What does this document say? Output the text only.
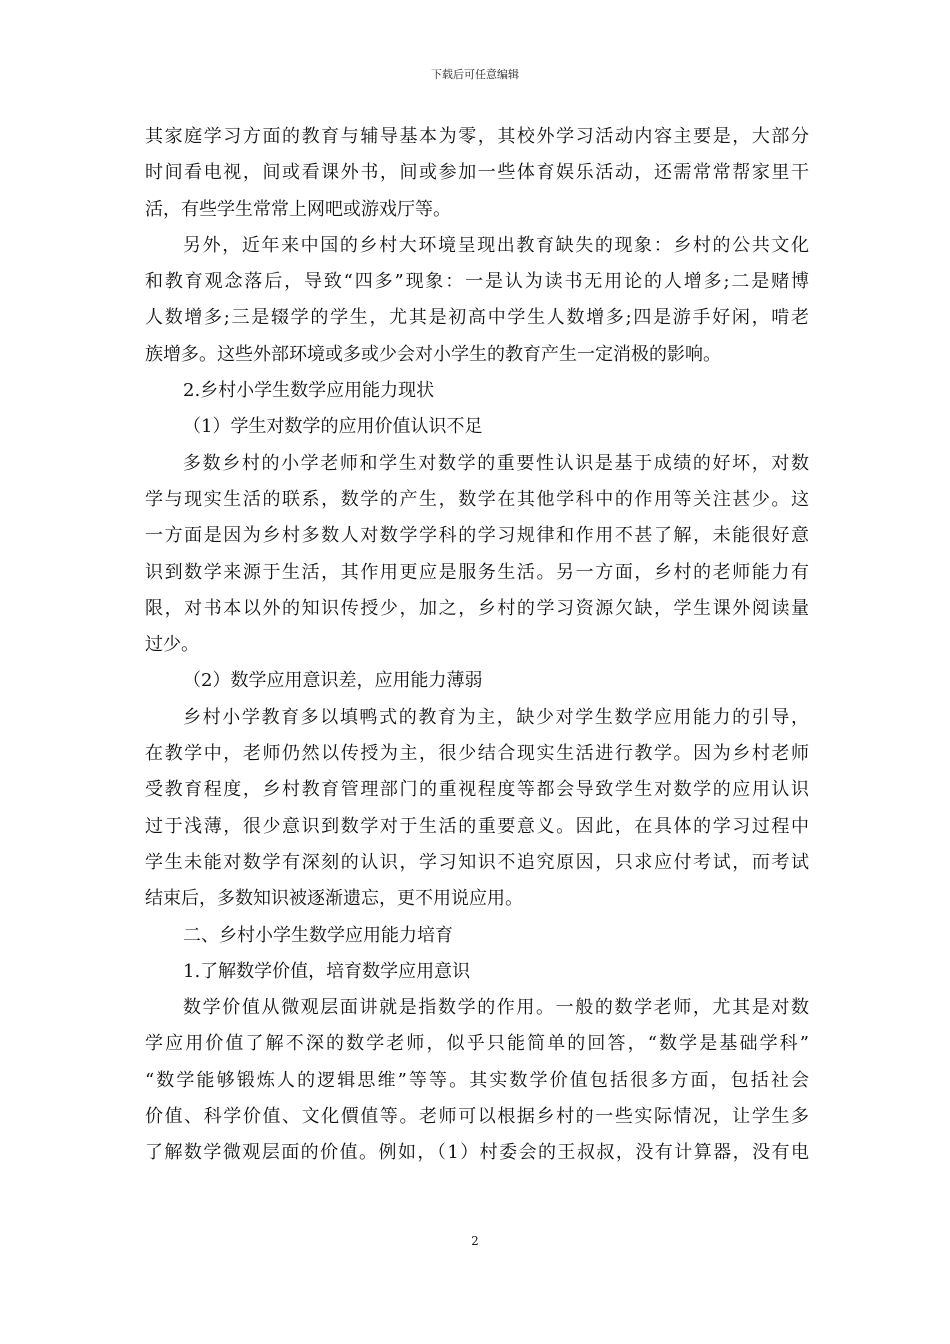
下载后可任意编辑
其家庭学习方面的教育与辅导基本为零，其校外学习活动内容主要是，大部分
时间看电视，间或看课外书，间或参加一些体育娱乐活动，还需常常帮家里干
活，有些学生常常上网吧或游戏厅等。
另外，近年来中国的乡村大环境呈现出教育缺失的现象：乡村的公共文化
和教育观念落后，导致“四多”现象：一是认为读书无用论的人增多;二是赌博
人数增多;三是辍学的学生，尤其是初高中学生人数增多;四是游手好闲，啃老
族增多。这些外部环境或多或少会对小学生的教育产生一定消极的影响。
2.乡村小学生数学应用能力现状
（1）学生对数学的应用价值认识不足
多数乡村的小学老师和学生对数学的重要性认识是基于成绩的好坏，对数
学与现实生活的联系，数学的产生，数学在其他学科中的作用等关注甚少。这
一方面是因为乡村多数人对数学学科的学习规律和作用不甚了解，未能很好意
识到数学来源于生活，其作用更应是服务生活。另一方面，乡村的老师能力有
限，对书本以外的知识传授少，加之，乡村的学习资源欠缺，学生课外阅读量
过少。
（2）数学应用意识差，应用能力薄弱
乡村小学教育多以填鸭式的教育为主，缺少对学生数学应用能力的引导，
在教学中，老师仍然以传授为主，很少结合现实生活进行教学。因为乡村老师
受教育程度，乡村教育管理部门的重视程度等都会导致学生对数学的应用认识
过于浅薄，很少意识到数学对于生活的重要意义。因此，在具体的学习过程中
学生未能对数学有深刻的认识，学习知识不追究原因，只求应付考试，而考试
结束后，多数知识被逐渐遗忘，更不用说应用。
二、乡村小学生数学应用能力培育
1.了解数学价值，培育数学应用意识
数学价值从微观层面讲就是指数学的作用。一般的数学老师，尤其是对数
学应用价值了解不深的数学老师，似乎只能简单的回答，“数学是基础学科”
“数学能够锻炼人的逻辑思维”等等。其实数学价值包括很多方面，包括社会
价值、科学价值、文化價值等。老师可以根据乡村的一些实际情况，让学生多
了解数学微观层面的价值。例如，（1）村委会的王叔叔，没有计算器，没有电
2
